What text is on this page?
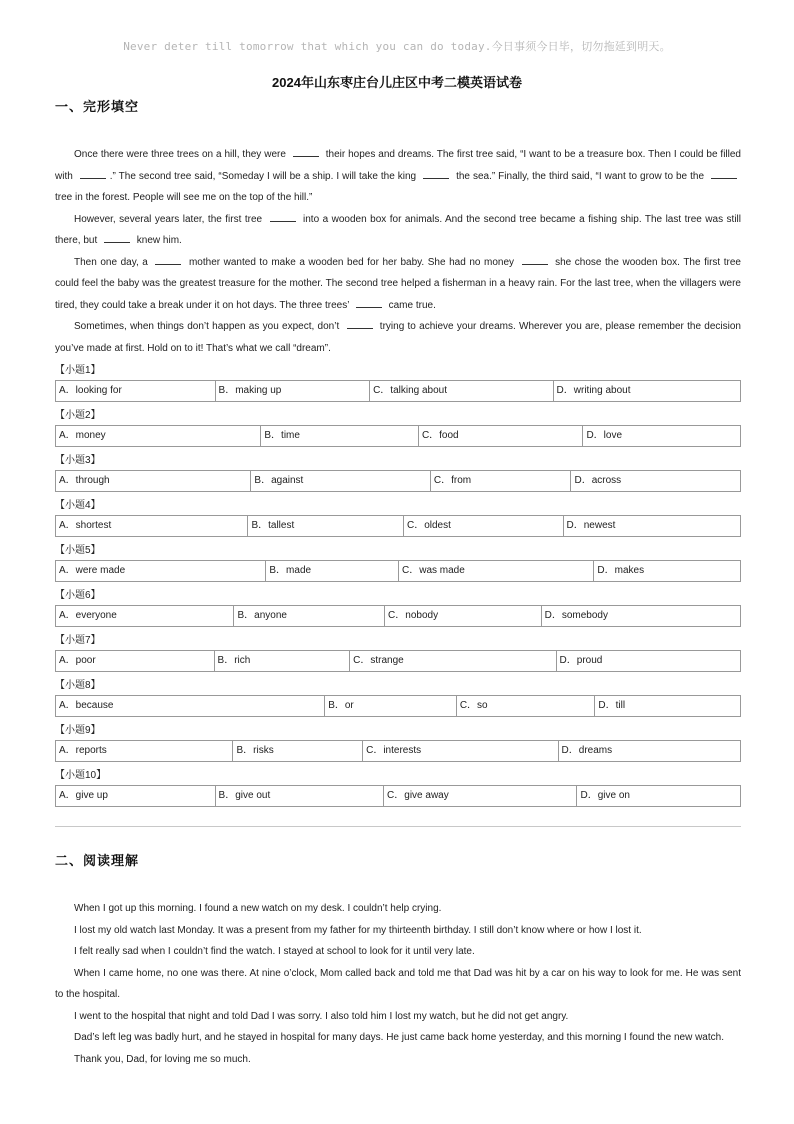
Never deter till tomorrow that which you can do today.今日事须今日毕，切勿拖延到明天。
2024年山东枣庄台儿庄区中考二模英语试卷
一、完形填空

Once there were three trees on a hill, they were	their hopes and dreams. The first tree said, “I want to be a treasure box. Then I could be filled with	.” The second tree said, “Someday I will be a ship. I will take the king	the sea.” Finally, the third said, “I want to grow to be the  tree in the forest. People will see me on the top of the hill.”

However, several years later, the first tree	into a wooden box for animals. And the second tree became a fishing ship. The last tree was still there, but	knew him.

Then one day, a	mother wanted to make a wooden bed for her baby. She had no money	she chose the wooden box. The first tree could feel the baby was the greatest treasure for the mother. The second tree helped a fisherman in a heavy rain. For the last tree, when the villagers were tired, they could take a break under it on hot days. The three trees’	came true.

Sometimes, when things don’t happen as you expect, don’t	trying to achieve your dreams. Wherever you are, please remember the decision you’ve made at first. Hold on to it! That’s what we call “dream”.

【小题1】
A．looking for	B．making up	C．talking about	D．writing about
【小题2】
A．money	B．time	C．food	D．love
【小题3】
A．through	B．against	C．from	D．across
【小题4】
A．shortest	B．tallest	C．oldest	D．newest
【小题5】
A．were made	B．made	C．was made	D．makes
【小题6】
A．everyone	B．anyone	C．nobody	D．somebody
【小题7】
A．poor	B．rich	C．strange	D．proud
【小题8】
A．because	B．or	C．so	D．till
【小题9】
A．reports	B．risks	C．interests	D．dreams
【小题10】
A．give up	B．give out	C．give away	D．give on
二、阅读理解

When I got up this morning. I found a new watch on my desk. I couldn’t help crying.

I lost my old watch last Monday. It was a present from my father for my thirteenth birthday. I still don’t know where or how I lost it.

I felt really sad when I couldn’t find the watch. I stayed at school to look for it until very late.

When I came home, no one was there. At nine o’clock, Mom called back and told me that Dad was hit by a car on his way to look for me. He was sent to the hospital.

I went to the hospital that night and told Dad I was sorry. I also told him I lost my watch, but he did not get angry.

Dad’s left leg was badly hurt, and he stayed in hospital for many days. He just came back home yesterday, and this morning I found the new watch.

Thank you, Dad, for loving me so much.
